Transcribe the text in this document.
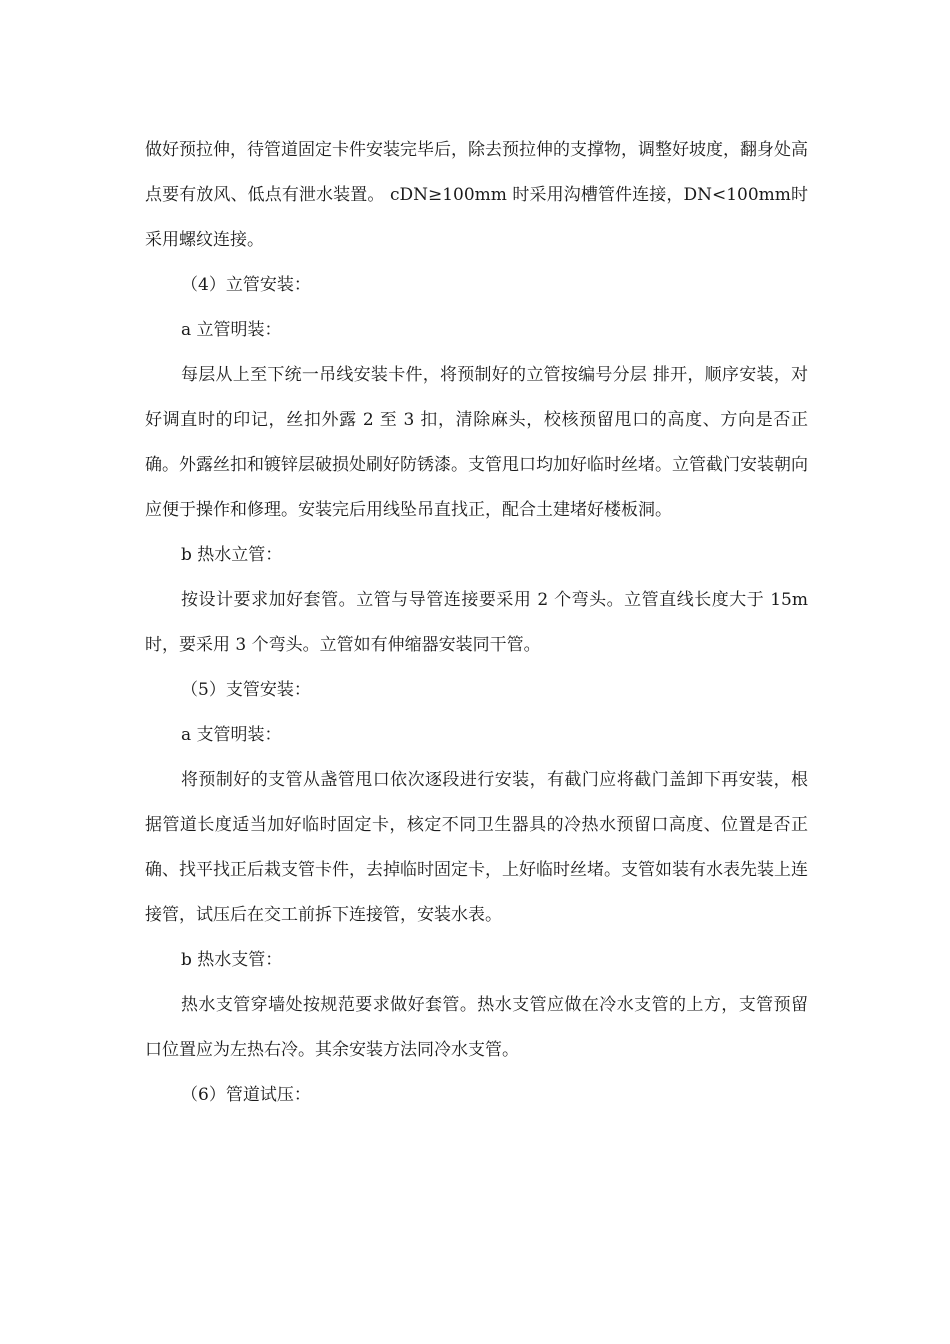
做好预拉伸，待管道固定卡件安装完毕后，除去预拉伸的支撑物，调整好坡度，翻身处高点要有放风、低点有泄水装置。 cDN≥100mm 时采用沟槽管件连接，DN<100mm时采用螺纹连接。

（4）立管安装：

a 立管明装：

每层从上至下统一吊线安装卡件，将预制好的立管按编号分层 排开，顺序安装，对好调直时的印记，丝扣外露 2 至 3 扣，清除麻头，校核预留甩口的高度、方向是否正确。外露丝扣和镀锌层破损处刷好防锈漆。支管甩口均加好临时丝堵。立管截门安装朝向应便于操作和修理。安装完后用线坠吊直找正，配合土建堵好楼板洞。

b 热水立管：

按设计要求加好套管。立管与导管连接要采用 2 个弯头。立管直线长度大于 15m 时，要采用 3 个弯头。立管如有伸缩器安装同干管。

（5）支管安装：

a 支管明装：

将预制好的支管从盏管甩口依次逐段进行安装，有截门应将截门盖卸下再安装，根据管道长度适当加好临时固定卡，核定不同卫生器具的冷热水预留口高度、位置是否正确、找平找正后栽支管卡件，去掉临时固定卡，上好临时丝堵。支管如装有水表先装上连接管，试压后在交工前拆下连接管，安装水表。

b 热水支管：

热水支管穿墙处按规范要求做好套管。热水支管应做在冷水支管的上方，支管预留口位置应为左热右冷。其余安装方法同冷水支管。

（6）管道试压：
